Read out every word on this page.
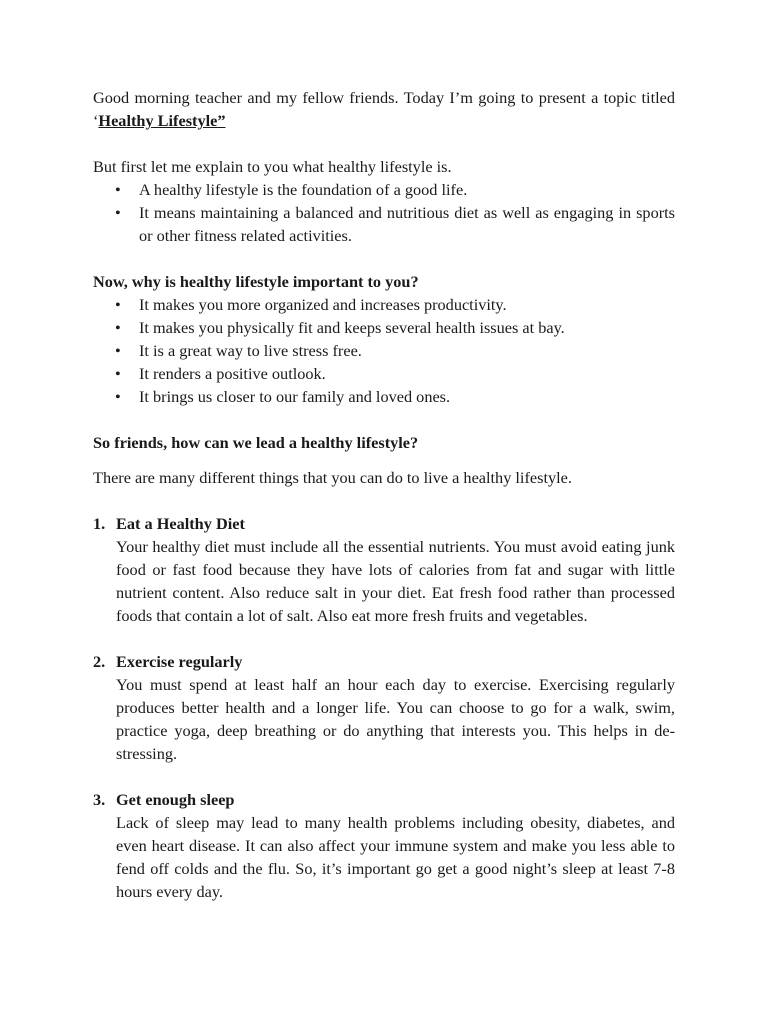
Good morning teacher and my fellow friends. Today I’m going to present a topic titled ‘Healthy Lifestyle”

But first let me explain to you what healthy lifestyle is.

• A healthy lifestyle is the foundation of a good life.
• It means maintaining a balanced and nutritious diet as well as engaging in sports or other fitness related activities.

Now, why is healthy lifestyle important to you?

• It makes you more organized and increases productivity.
• It makes you physically fit and keeps several health issues at bay.
• It is a great way to live stress free.
• It renders a positive outlook.
• It brings us closer to our family and loved ones.

So friends, how can we lead a healthy lifestyle?

There are many different things that you can do to live a healthy lifestyle.

1. Eat a Healthy Diet
Your healthy diet must include all the essential nutrients. You must avoid eating junk food or fast food because they have lots of calories from fat and sugar with little nutrient content. Also reduce salt in your diet. Eat fresh food rather than processed foods that contain a lot of salt. Also eat more fresh fruits and vegetables.
2. Exercise regularly
You must spend at least half an hour each day to exercise. Exercising regularly produces better health and a longer life. You can choose to go for a walk, swim, practice yoga, deep breathing or do anything that interests you. This helps in de-stressing.
3. Get enough sleep
Lack of sleep may lead to many health problems including obesity, diabetes, and even heart disease. It can also affect your immune system and make you less able to fend off colds and the flu. So, it’s important go get a good night’s sleep at least 7-8 hours every day.
